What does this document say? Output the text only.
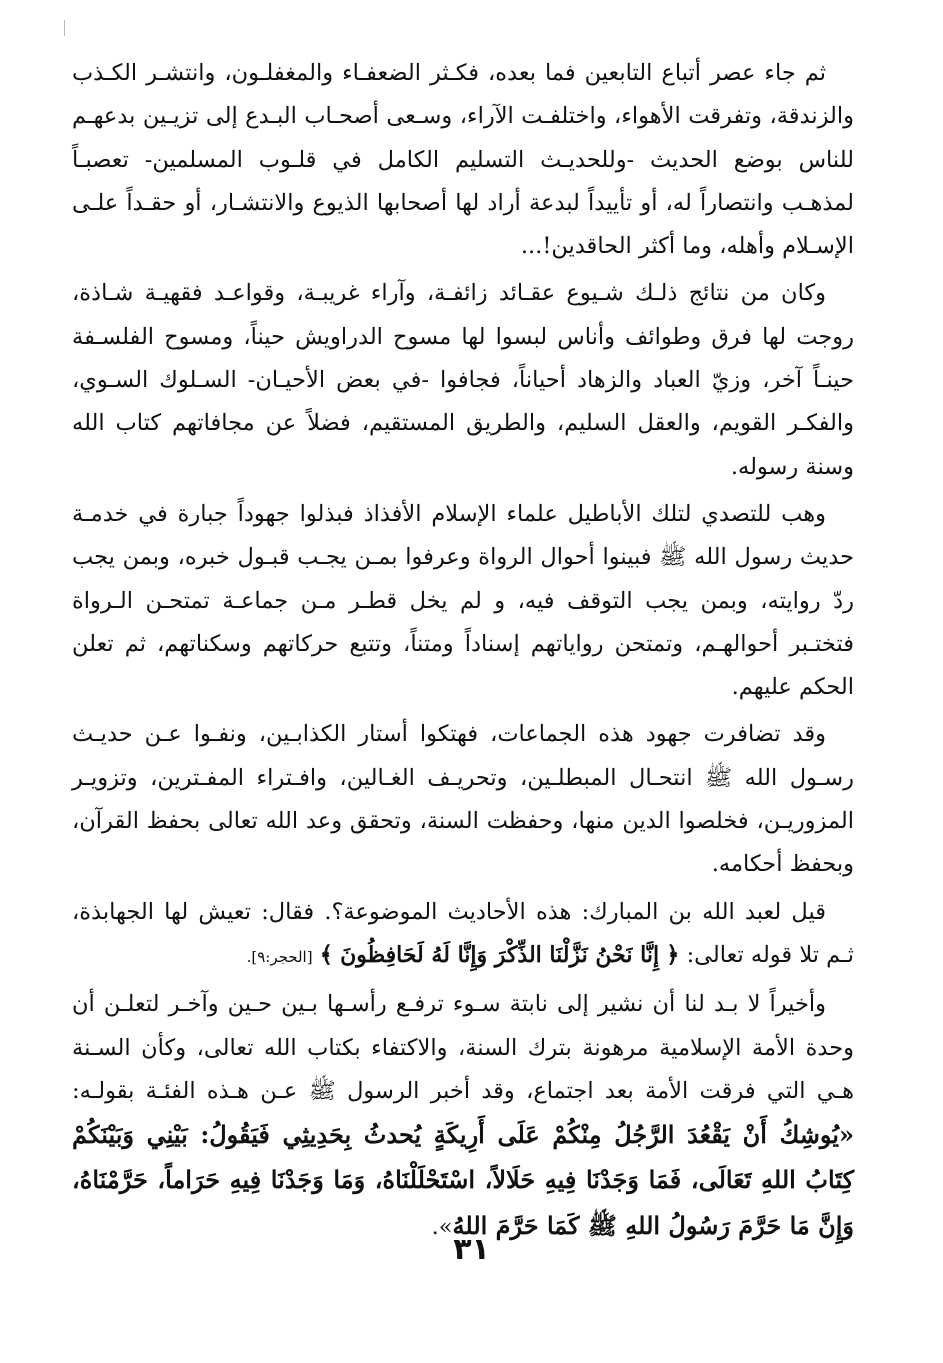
ثم جاء عصر أتباع التابعين فما بعده، فكـثر الضعفـاء والمغفلـون، وانتشـر الكـذب والزندقة، وتفرقت الأهواء، واختلفـت الآراء، وسـعى أصحـاب البـدع إلى تزيـين بدعهـم للناس بوضع الحديث -وللحديـث التسليم الكامل في قلـوب المسلمين- تعصبـاً لمذهـب وانتصاراً له، أو تأييداً لبدعة أراد لها أصحابها الذيوع والانتشـار، أو حقـداً علـى الإسـلام وأهله، وما أكثر الحاقدين!...

وكان من نتائج ذلـك شـيوع عقـائد زائفـة، وآراء غريبـة، وقواعـد فقهيـة شـاذة، روجت لها فرق وطوائف وأناس لبسوا لها مسوح الدراويش حيناً، ومسوح الفلسـفة حينـاً آخر، وزيّ العباد والزهاد أحياناً، فجافوا -في بعض الأحيـان- السـلوك السـوي، والفكـر القويم، والعقل السليم، والطريق المستقيم، فضلاً عن مجافاتهم كتاب الله وسنة رسوله.

وهب للتصدي لتلك الأباطيل علماء الإسلام الأفذاذ فبذلوا جهوداً جبارة في خدمـة حديث رسول الله ﷺ فبينوا أحوال الرواة وعرفوا بمـن يجـب قبـول خبره، وبمن يجب ردّ روايته، وبمن يجب التوقف فيه، و لم يخل قطـر مـن جماعـة تمتحـن الـرواة فتختـبر أحوالهـم، وتمتحن رواياتهم إسناداً ومتناً، وتتبع حركاتهم وسكناتهم، ثم تعلن الحكم عليهم.

وقد تضافرت جهود هذه الجماعات، فهتكوا أستار الكذابـين، ونفـوا عـن حديـث رسـول الله ﷺ انتحـال المبطلـين، وتحريـف الغـالين، وافـتراء المفـترين، وتزويـر المزوريـن، فخلصوا الدين منها، وحفظت السنة، وتحقق وعد الله تعالى بحفظ القرآن، وبحفظ أحكامه.

قيل لعبد الله بن المبارك: هذه الأحاديث الموضوعة؟. فقال: تعيش لها الجهابذة، ثـم تلا قوله تعالى: ﴿ إِنَّا نَحْنُ نَزَّلْنَا الذِّكْرَ وَإِنَّا لَهُ لَحَافِظُونَ ﴾ [الحجر:٩].

وأخيراً لا بـد لنا أن نشير إلى نابتة سـوء ترفـع رأسـها بـين حـين وآخـر لتعلـن أن وحدة الأمة الإسلامية مرهونة بترك السنة، والاكتفاء بكتاب الله تعالى، وكأن السـنة هـي التي فرقت الأمة بعد اجتماع، وقد أخبر الرسول ﷺ عـن هـذه الفئـة بقولـه: «يُوشِكُ أَنْ يَقْعُدَ الرَّجُلُ مِنْكُمْ عَلَى أَرِيكَةٍ يُحدثُ بِحَدِيثِي فَيَقُولُ: بَيْنِي وَبَيْنَكُمْ كِتَابُ اللهِ تَعَالَى، فَمَا وَجَدْنَا فِيهِ حَلَالاً، اسْتَحْلَلْنَاهُ، وَمَا وَجَدْنَا فِيهِ حَرَاماً، حَرَّمْنَاهُ، وَإِنَّ مَا حَرَّمَ رَسُولُ اللهِ ﷺ كَمَا حَرَّمَ اللهُ».

٣١
